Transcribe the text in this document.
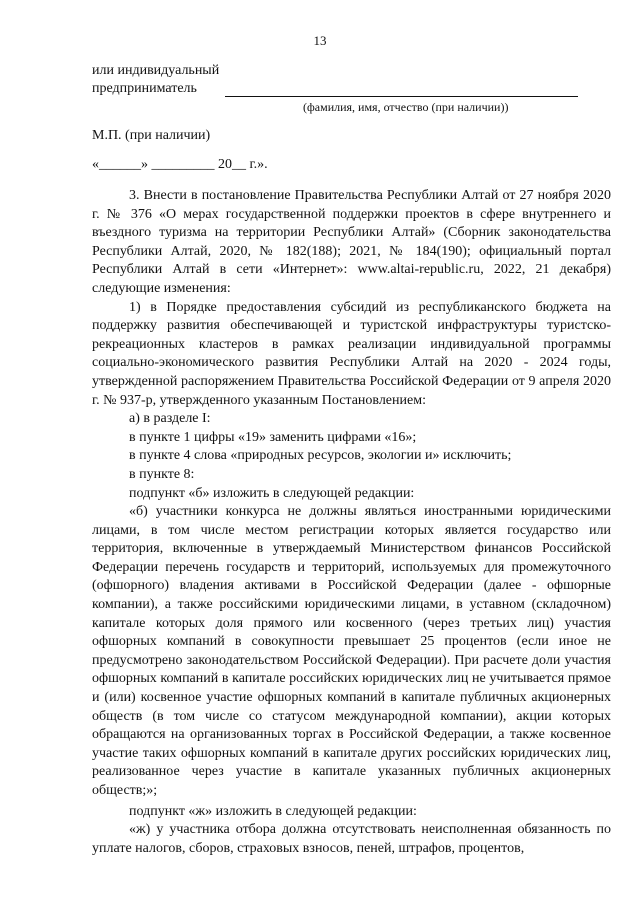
13
или индивидуальный
предприниматель
(фамилия, имя, отчество (при наличии))
М.П. (при наличии)
«______» _________ 20__ г.».

3. Внести в постановление Правительства Республики Алтай от 27 ноября 2020 г. № 376 «О мерах государственной поддержки проектов в сфере внутреннего и въездного туризма на территории Республики Алтай» (Сборник законодательства Республики Алтай, 2020, № 182(188); 2021, № 184(190); официальный портал Республики Алтай в сети «Интернет»: www.altai-republic.ru, 2022, 21 декабря) следующие изменения:

1) в Порядке предоставления субсидий из республиканского бюджета на поддержку развития обеспечивающей и туристской инфраструктуры туристско-рекреационных кластеров в рамках реализации индивидуальной программы социально-экономического развития Республики Алтай на 2020 - 2024 годы, утвержденной распоряжением Правительства Российской Федерации от 9 апреля 2020 г. № 937-р, утвержденного указанным Постановлением:

а) в разделе I:

в пункте 1 цифры «19» заменить цифрами «16»;

в пункте 4 слова «природных ресурсов, экологии и» исключить;

в пункте 8:

подпункт «б» изложить в следующей редакции:

«б) участники конкурса не должны являться иностранными юридическими лицами, в том числе местом регистрации которых является государство или территория, включенные в утверждаемый Министерством финансов Российской Федерации перечень государств и территорий, используемых для промежуточного (офшорного) владения активами в Российской Федерации (далее - офшорные компании), а также российскими юридическими лицами, в уставном (складочном) капитале которых доля прямого или косвенного (через третьих лиц) участия офшорных компаний в совокупности превышает 25 процентов (если иное не предусмотрено законодательством Российской Федерации). При расчете доли участия офшорных компаний в капитале российских юридических лиц не учитывается прямое и (или) косвенное участие офшорных компаний в капитале публичных акционерных обществ (в том числе со статусом международной компании), акции которых обращаются на организованных торгах в Российской Федерации, а также косвенное участие таких офшорных компаний в капитале других российских юридических лиц, реализованное через участие в капитале указанных публичных акционерных обществ;»;

подпункт «ж» изложить в следующей редакции:

«ж) у участника отбора должна отсутствовать неисполненная обязанность по уплате налогов, сборов, страховых взносов, пеней, штрафов, процентов,
